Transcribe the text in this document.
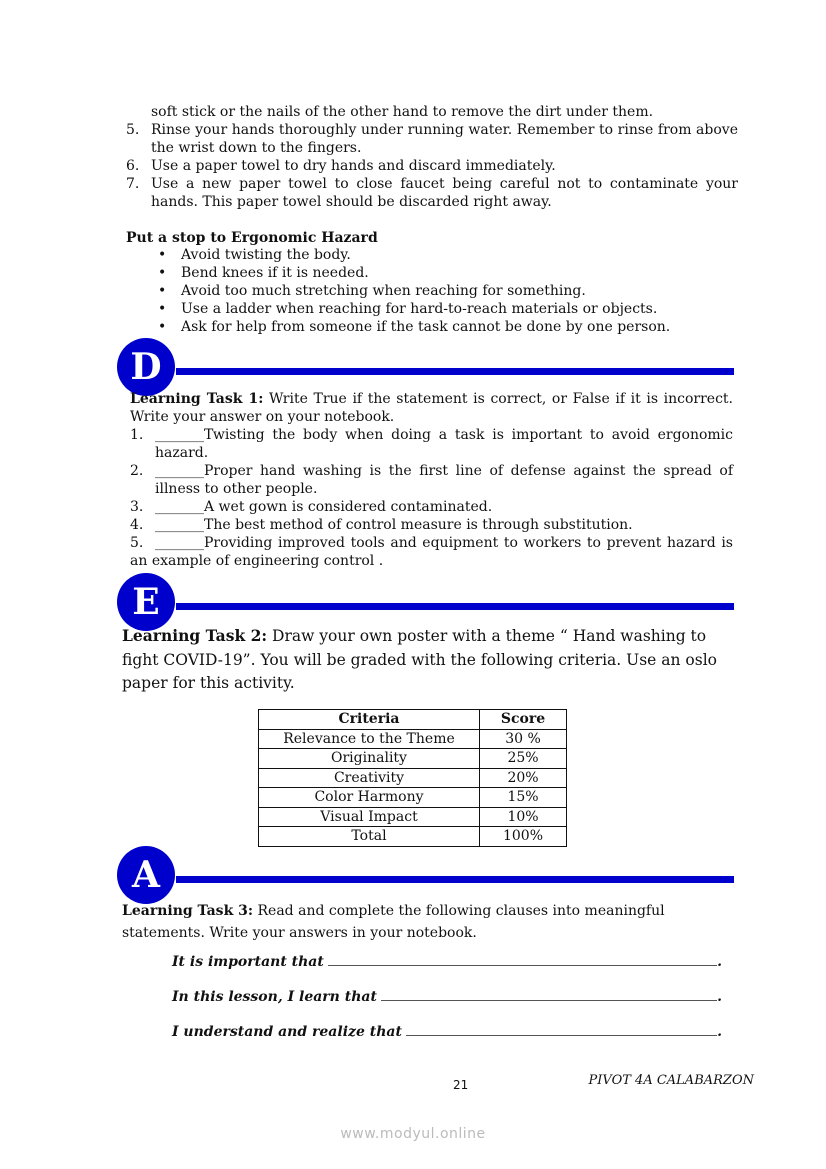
soft stick or the nails of the other hand to remove the dirt under them.
5. Rinse your hands thoroughly under running water. Remember to rinse from above the wrist down to the fingers.
6. Use a paper towel to dry hands and discard immediately.
7. Use a new paper towel to close faucet being careful not to contaminate your hands. This paper towel should be discarded right away.
Put a stop to Ergonomic Hazard
• Avoid twisting the body.
• Bend knees if it is needed.
• Avoid too much stretching when reaching for something.
• Use a ladder when reaching for hard-to-reach materials or objects.
• Ask for help from someone if the task cannot be done by one person.
D
Learning Task 1: Write True if the statement is correct, or False if it is incorrect. Write your answer on your notebook.
1. _______Twisting the body when doing a task is important to avoid ergonomic hazard.
2. _______Proper hand washing is the first line of defense against the spread of illness to other people.
3. _______A wet gown is considered contaminated.
4. _______The best method of control measure is through substitution.
5. _______Providing improved tools and equipment to workers to prevent hazard is an example of engineering control .
E
Learning Task 2: Draw your own poster with a theme “ Hand washing to fight COVID-19”. You will be graded with the following criteria. Use an oslo paper for this activity.
Criteria	Score
Relevance to the Theme	30 %
Originality	25%
Creativity	20%
Color Harmony	15%
Visual Impact	10%
Total	100%
A
Learning Task 3: Read and complete the following clauses into meaningful statements. Write your answers in your notebook.
It is important that	.
In this lesson, I learn that	.
I understand and realize that	.
21	PIVOT 4A CALABARZON
www.modyul.online
